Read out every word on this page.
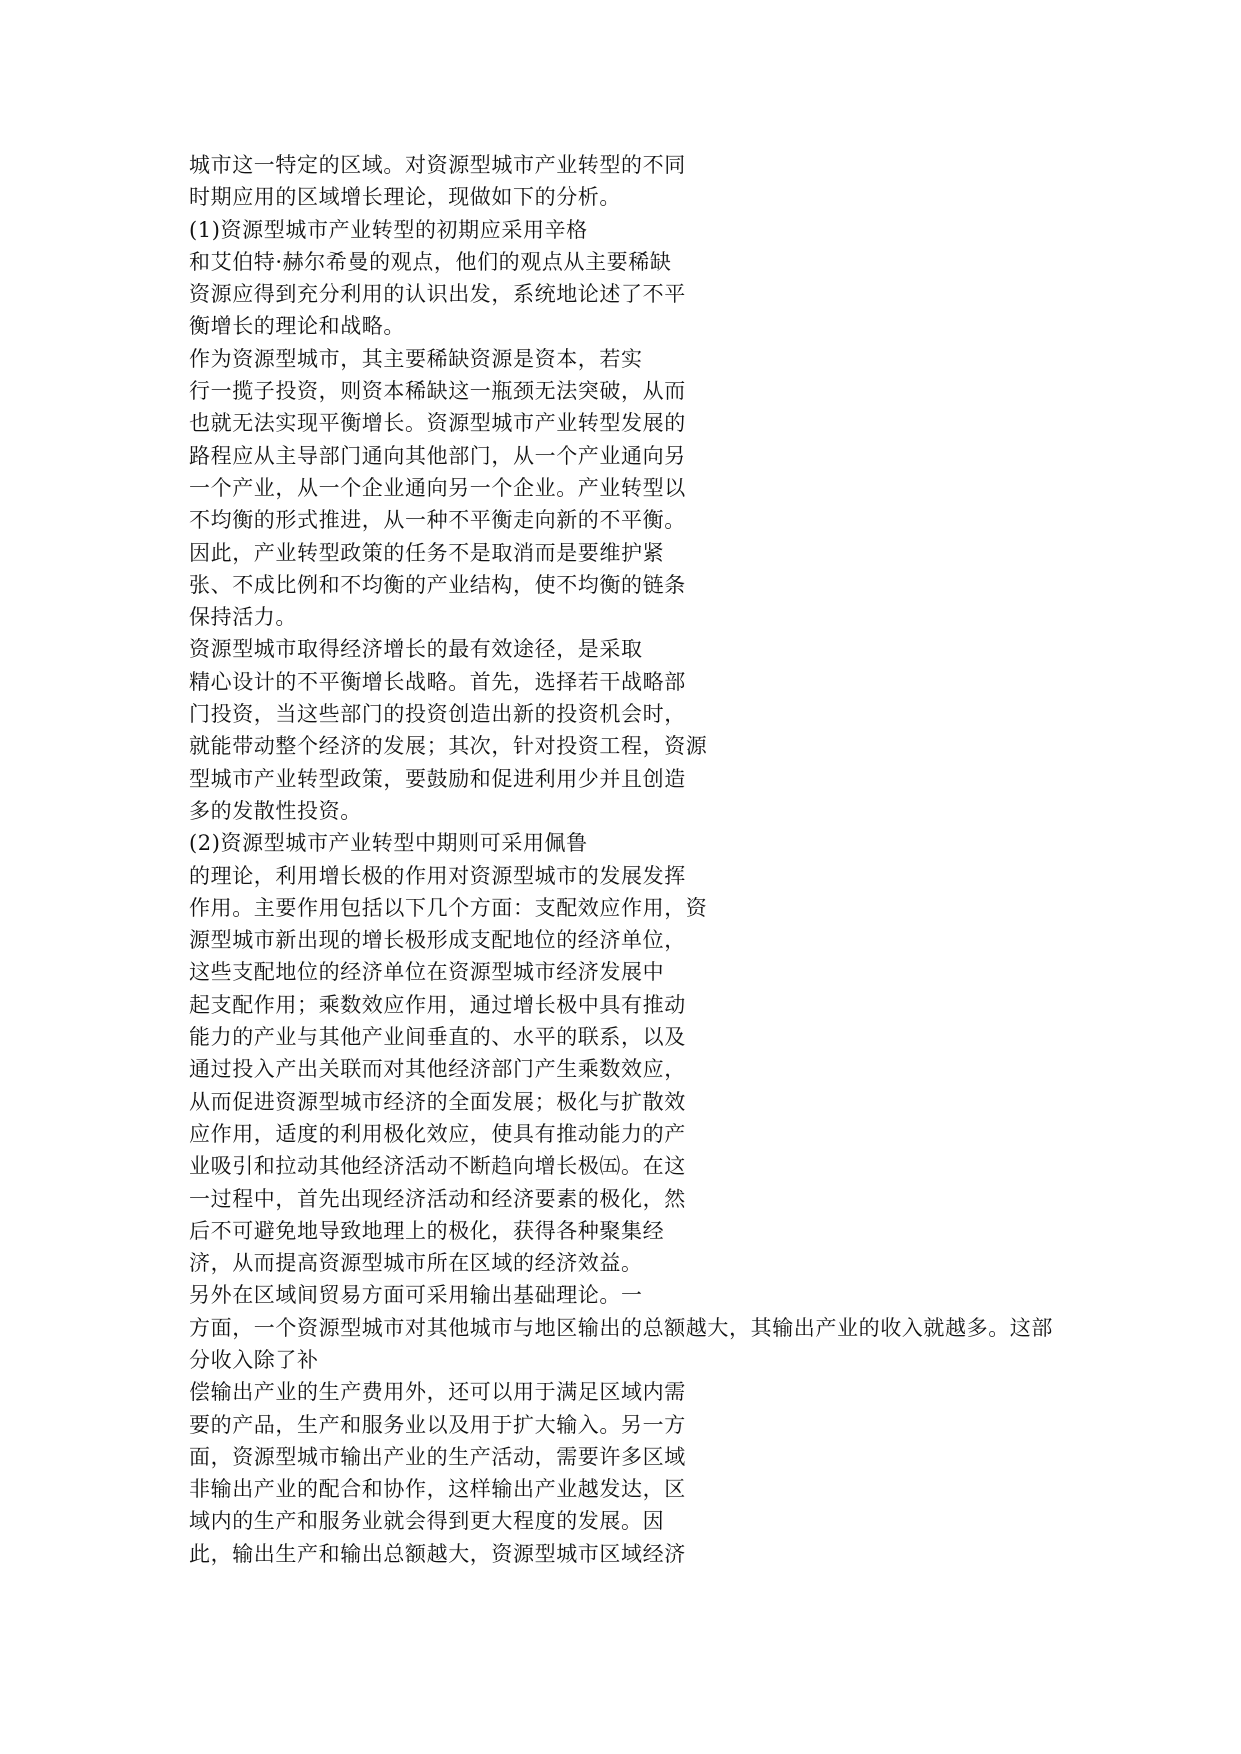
城市这一特定的区域。对资源型城市产业转型的不同
时期应用的区域增长理论，现做如下的分析。
(1)资源型城市产业转型的初期应采用辛格
和艾伯特·赫尔希曼的观点，他们的观点从主要稀缺
资源应得到充分利用的认识出发，系统地论述了不平
衡增长的理论和战略。
作为资源型城市，其主要稀缺资源是资本，若实
行一揽子投资，则资本稀缺这一瓶颈无法突破，从而
也就无法实现平衡增长。资源型城市产业转型发展的
路程应从主导部门通向其他部门，从一个产业通向另
一个产业，从一个企业通向另一个企业。产业转型以
不均衡的形式推进，从一种不平衡走向新的不平衡。
因此，产业转型政策的任务不是取消而是要维护紧
张、不成比例和不均衡的产业结构，使不均衡的链条
保持活力。
资源型城市取得经济增长的最有效途径，是采取
精心设计的不平衡增长战略。首先，选择若干战略部
门投资，当这些部门的投资创造出新的投资机会时，
就能带动整个经济的发展；其次，针对投资工程，资源
型城市产业转型政策，要鼓励和促进利用少并且创造
多的发散性投资。
(2)资源型城市产业转型中期则可采用佩鲁
的理论，利用增长极的作用对资源型城市的发展发挥
作用。主要作用包括以下几个方面：支配效应作用，资
源型城市新出现的增长极形成支配地位的经济单位，
这些支配地位的经济单位在资源型城市经济发展中
起支配作用；乘数效应作用，通过增长极中具有推动
能力的产业与其他产业间垂直的、水平的联系，以及
通过投入产出关联而对其他经济部门产生乘数效应，
从而促进资源型城市经济的全面发展；极化与扩散效
应作用，适度的利用极化效应，使具有推动能力的产
业吸引和拉动其他经济活动不断趋向增长极㈤。在这
一过程中，首先出现经济活动和经济要素的极化，然
后不可避免地导致地理上的极化，获得各种聚集经
济，从而提高资源型城市所在区域的经济效益。
另外在区域间贸易方面可采用输出基础理论。一
方面，一个资源型城市对其他城市与地区输出的总额越大，其输出产业的收入就越多。这部
分收入除了补
偿输出产业的生产费用外，还可以用于满足区域内需
要的产品，生产和服务业以及用于扩大输入。另一方
面，资源型城市输出产业的生产活动，需要许多区域
非输出产业的配合和协作，这样输出产业越发达，区
域内的生产和服务业就会得到更大程度的发展。因
此，输出生产和输出总额越大，资源型城市区域经济
